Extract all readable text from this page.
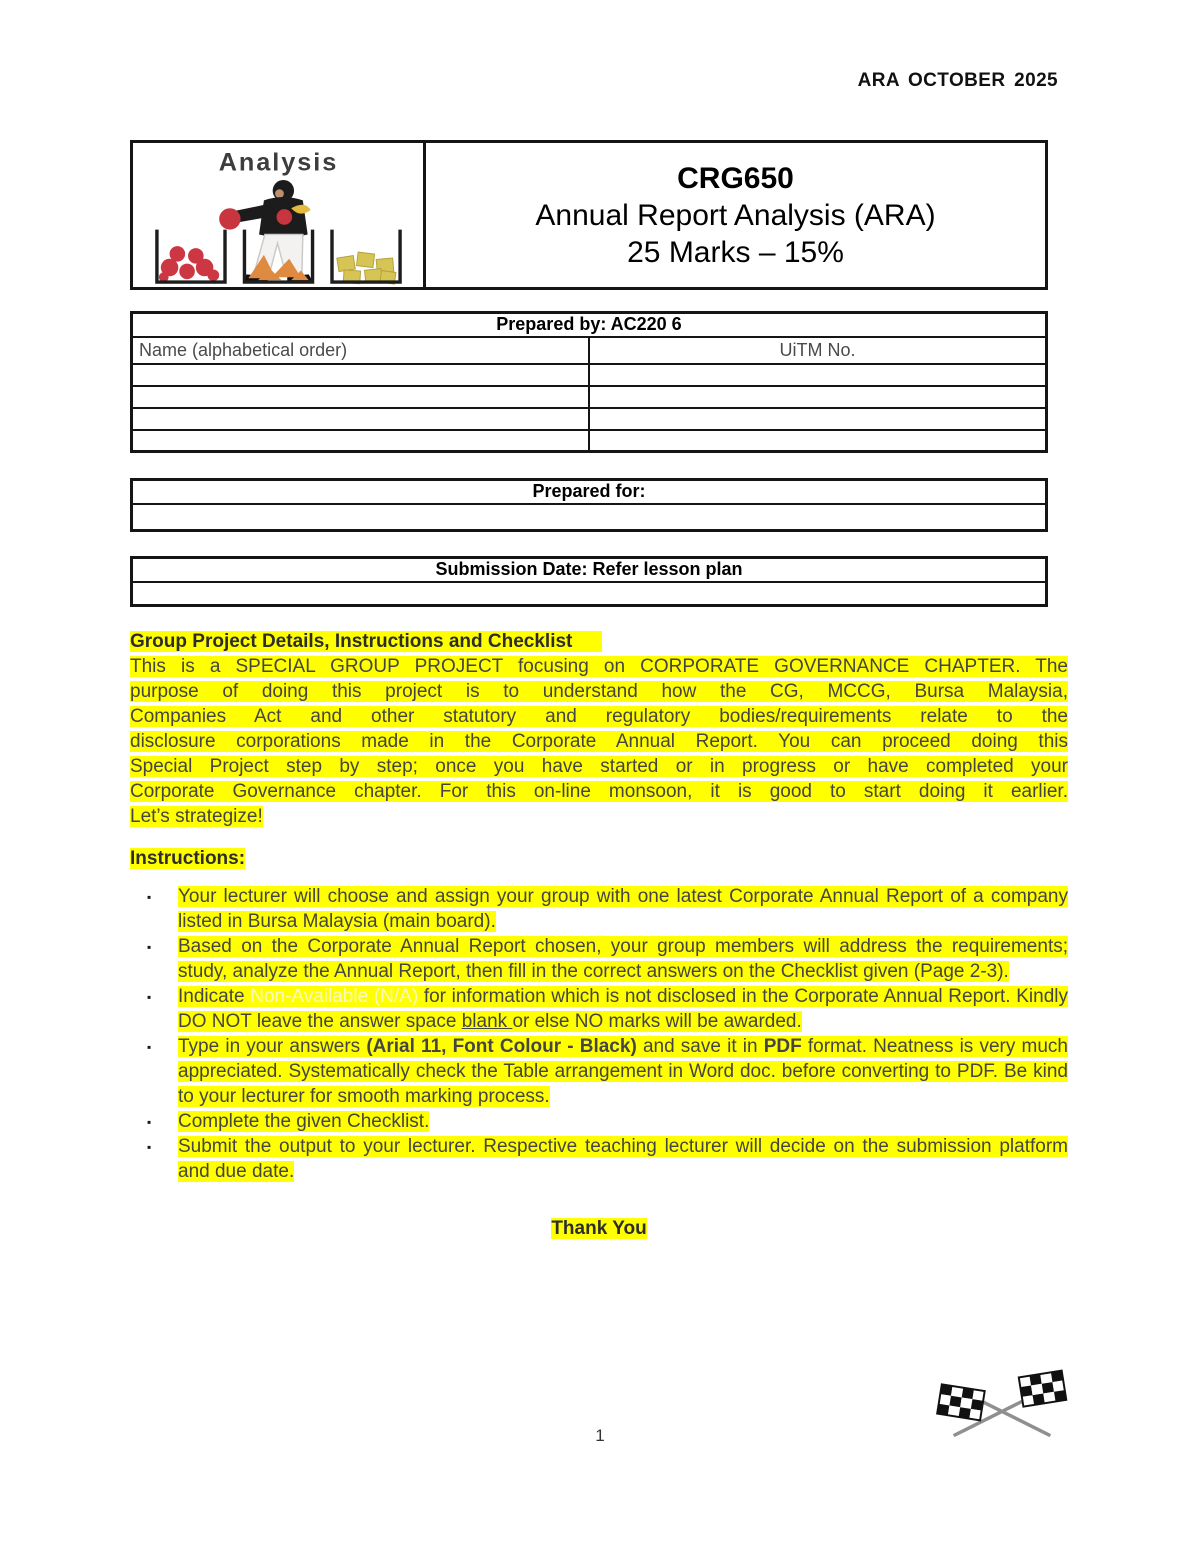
ARA OCTOBER 2025
Analysis	CRG650
Annual Report Analysis (ARA)
25 Marks – 15%
Prepared by: AC220 6	
Name (alphabetical order)	UiTM No.

Prepared for:

Submission Date: Refer lesson plan

Group Project Details, Instructions and Checklist
This is a SPECIAL GROUP PROJECT focusing on CORPORATE GOVERNANCE CHAPTER. The
purpose of doing this project is to understand how the CG, MCCG, Bursa Malaysia,
Companies Act and other statutory and regulatory bodies/requirements relate to the
disclosure corporations made in the Corporate Annual Report. You can proceed doing this
Special Project step by step; once you have started or in progress or have completed your
Corporate Governance chapter. For this on-line monsoon, it is good to start doing it earlier.
Let’s strategize!
Instructions:
▪ Your lecturer will choose and assign your group with one latest Corporate Annual Report of a company listed in Bursa Malaysia (main board).
▪ Based on the Corporate Annual Report chosen, your group members will address the requirements; study, analyze the Annual Report, then fill in the correct answers on the Checklist given (Page 2-3).
▪ Indicate Non-Available (N/A) for information which is not disclosed in the Corporate Annual Report. Kindly DO NOT leave the answer space blank or else NO marks will be awarded.
▪ Type in your answers (Arial 11, Font Colour - Black) and save it in PDF format. Neatness is very much appreciated. Systematically check the Table arrangement in Word doc. before converting to PDF. Be kind to your lecturer for smooth marking process.
▪ Complete the given Checklist.
▪ Submit the output to your lecturer. Respective teaching lecturer will decide on the submission platform and due date.
Thank You
1
